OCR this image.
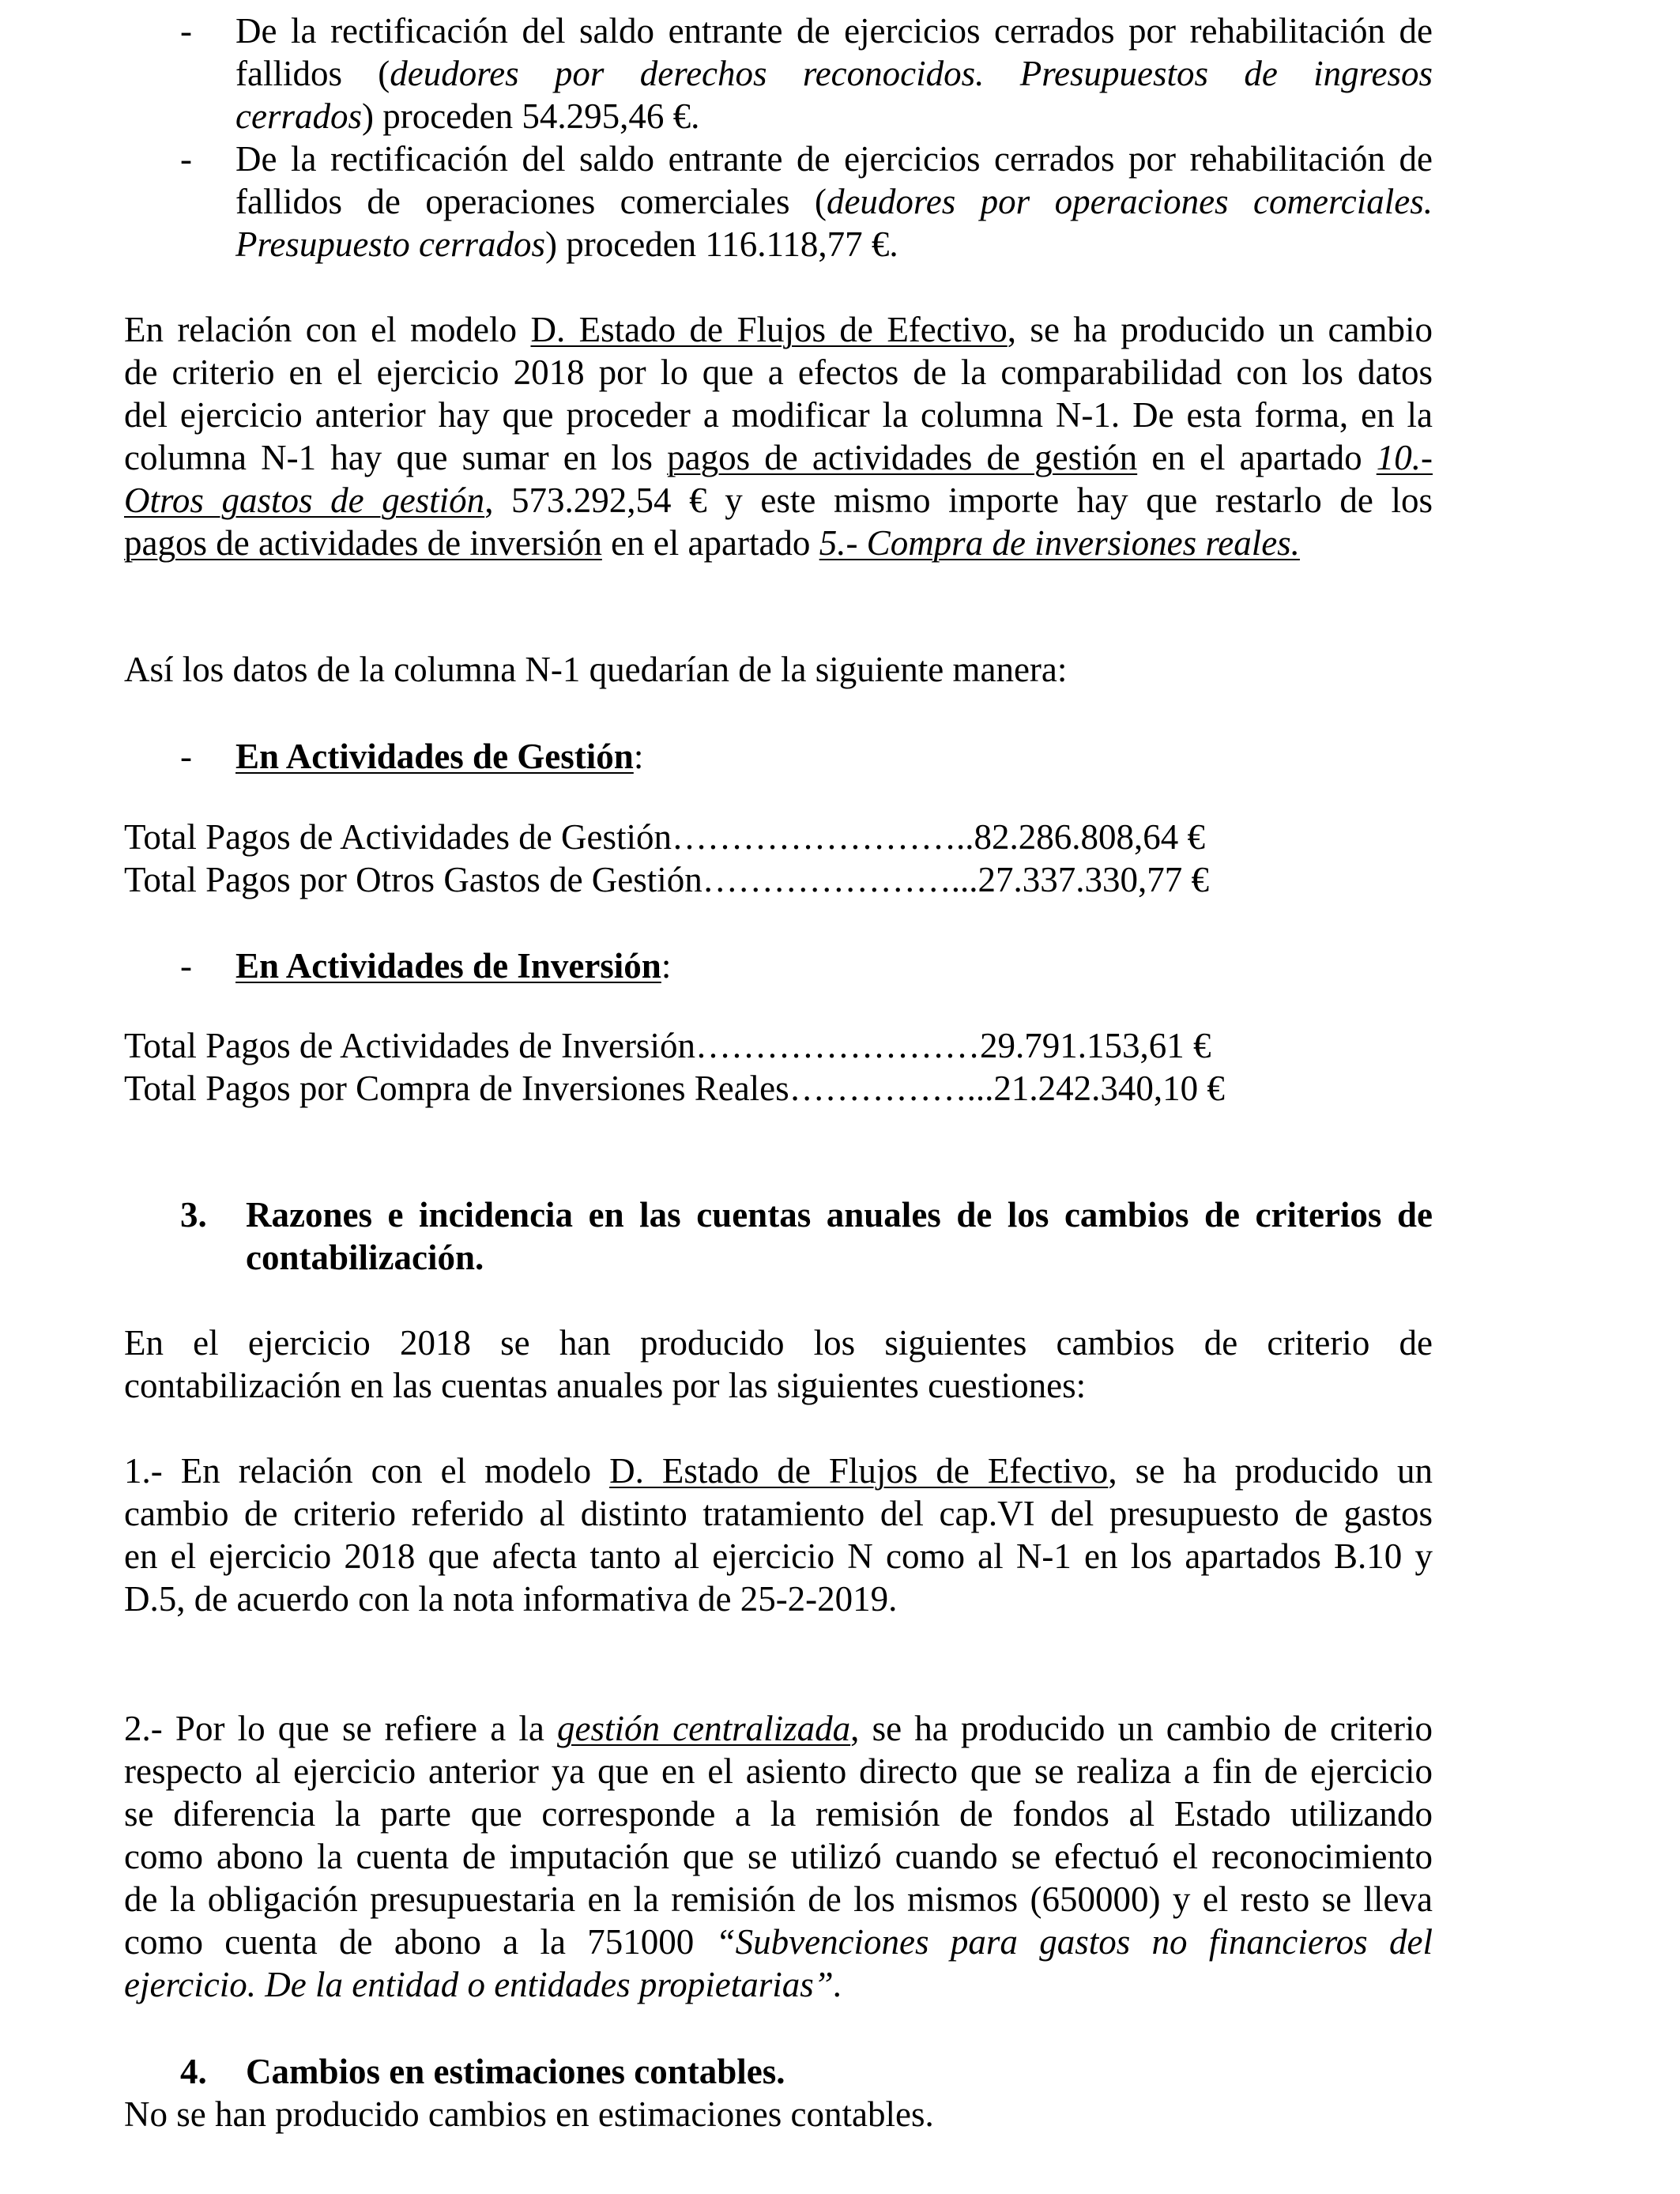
- De la rectificación del saldo entrante de ejercicios cerrados por rehabilitación de
fallidos (deudores por derechos reconocidos. Presupuestos de ingresos
cerrados) proceden 54.295,46 €.
- De la rectificación del saldo entrante de ejercicios cerrados por rehabilitación de
fallidos de operaciones comerciales (deudores por operaciones comerciales.
Presupuesto cerrados) proceden 116.118,77 €.
En relación con el modelo D. Estado de Flujos de Efectivo, se ha producido un cambio
de criterio en el ejercicio 2018 por lo que a efectos de la comparabilidad con los datos
del ejercicio anterior hay que proceder a modificar la columna N-1. De esta forma, en la
columna N-1 hay que sumar en los pagos de actividades de gestión en el apartado 10.-
Otros gastos de gestión, 573.292,54 € y este mismo importe hay que restarlo de los
pagos de actividades de inversión en el apartado 5.- Compra de inversiones reales.
Así los datos de la columna N-1 quedarían de la siguiente manera:
- En Actividades de Gestión:
Total Pagos de Actividades de Gestión……………………..82.286.808,64 €
Total Pagos por Otros Gastos de Gestión…………………...27.337.330,77 €
- En Actividades de Inversión:
Total Pagos de Actividades de Inversión……………………29.791.153,61 €
Total Pagos por Compra de Inversiones Reales……………...21.242.340,10 €
3. Razones e incidencia en las cuentas anuales de los cambios de criterios de
contabilización.
En el ejercicio 2018 se han producido los siguientes cambios de criterio de
contabilización en las cuentas anuales por las siguientes cuestiones:
1.- En relación con el modelo D. Estado de Flujos de Efectivo, se ha producido un
cambio de criterio referido al distinto tratamiento del cap.VI del presupuesto de gastos
en el ejercicio 2018 que afecta tanto al ejercicio N como al N-1 en los apartados B.10 y
D.5, de acuerdo con la nota informativa de 25-2-2019.
2.- Por lo que se refiere a la gestión centralizada, se ha producido un cambio de criterio
respecto al ejercicio anterior ya que en el asiento directo que se realiza a fin de ejercicio
se diferencia la parte que corresponde a la remisión de fondos al Estado utilizando
como abono la cuenta de imputación que se utilizó cuando se efectuó el reconocimiento
de la obligación presupuestaria en la remisión de los mismos (650000) y el resto se lleva
como cuenta de abono a la 751000 “Subvenciones para gastos no financieros del
ejercicio. De la entidad o entidades propietarias”.
4. Cambios en estimaciones contables.
No se han producido cambios en estimaciones contables.
